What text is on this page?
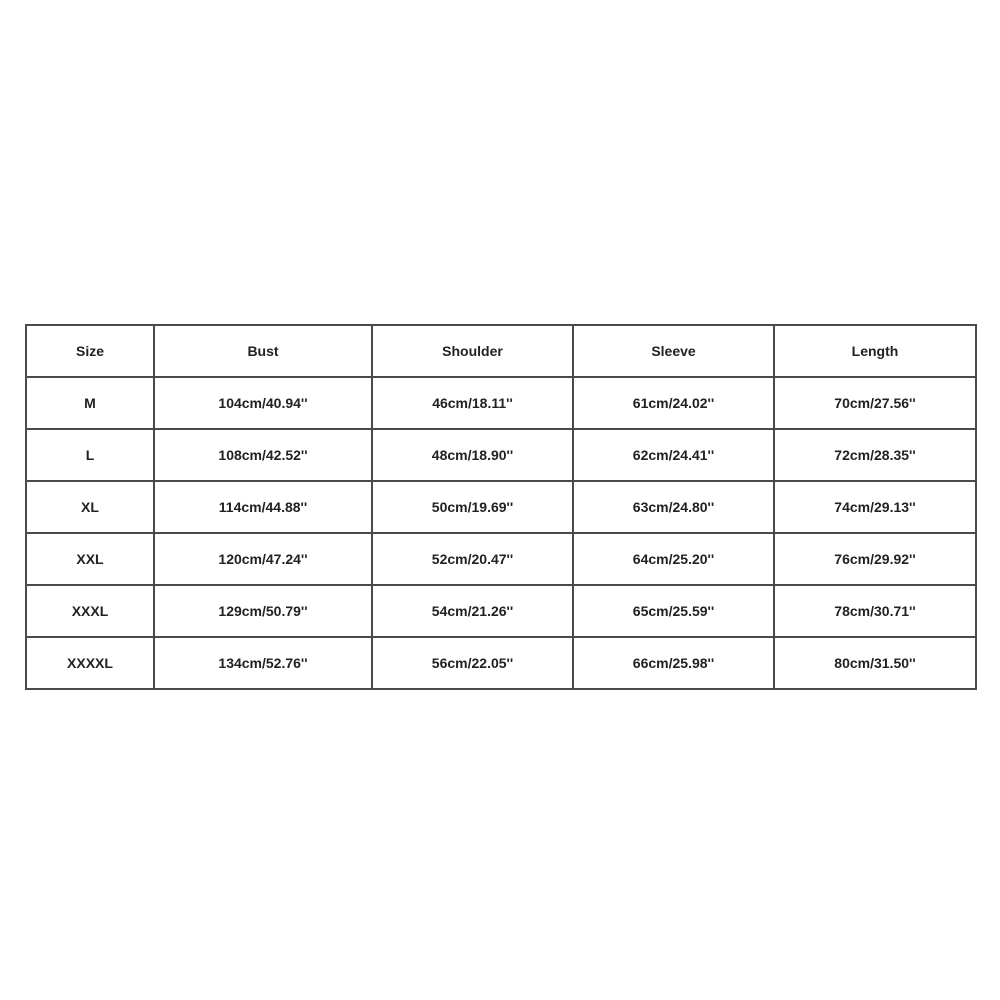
Size	Bust	Shoulder	Sleeve	Length
M	104cm/40.94''	46cm/18.11''	61cm/24.02''	70cm/27.56''
L	108cm/42.52''	48cm/18.90''	62cm/24.41''	72cm/28.35''
XL	114cm/44.88''	50cm/19.69''	63cm/24.80''	74cm/29.13''
XXL	120cm/47.24''	52cm/20.47''	64cm/25.20''	76cm/29.92''
XXXL	129cm/50.79''	54cm/21.26''	65cm/25.59''	78cm/30.71''
XXXXL	134cm/52.76''	56cm/22.05''	66cm/25.98''	80cm/31.50''
